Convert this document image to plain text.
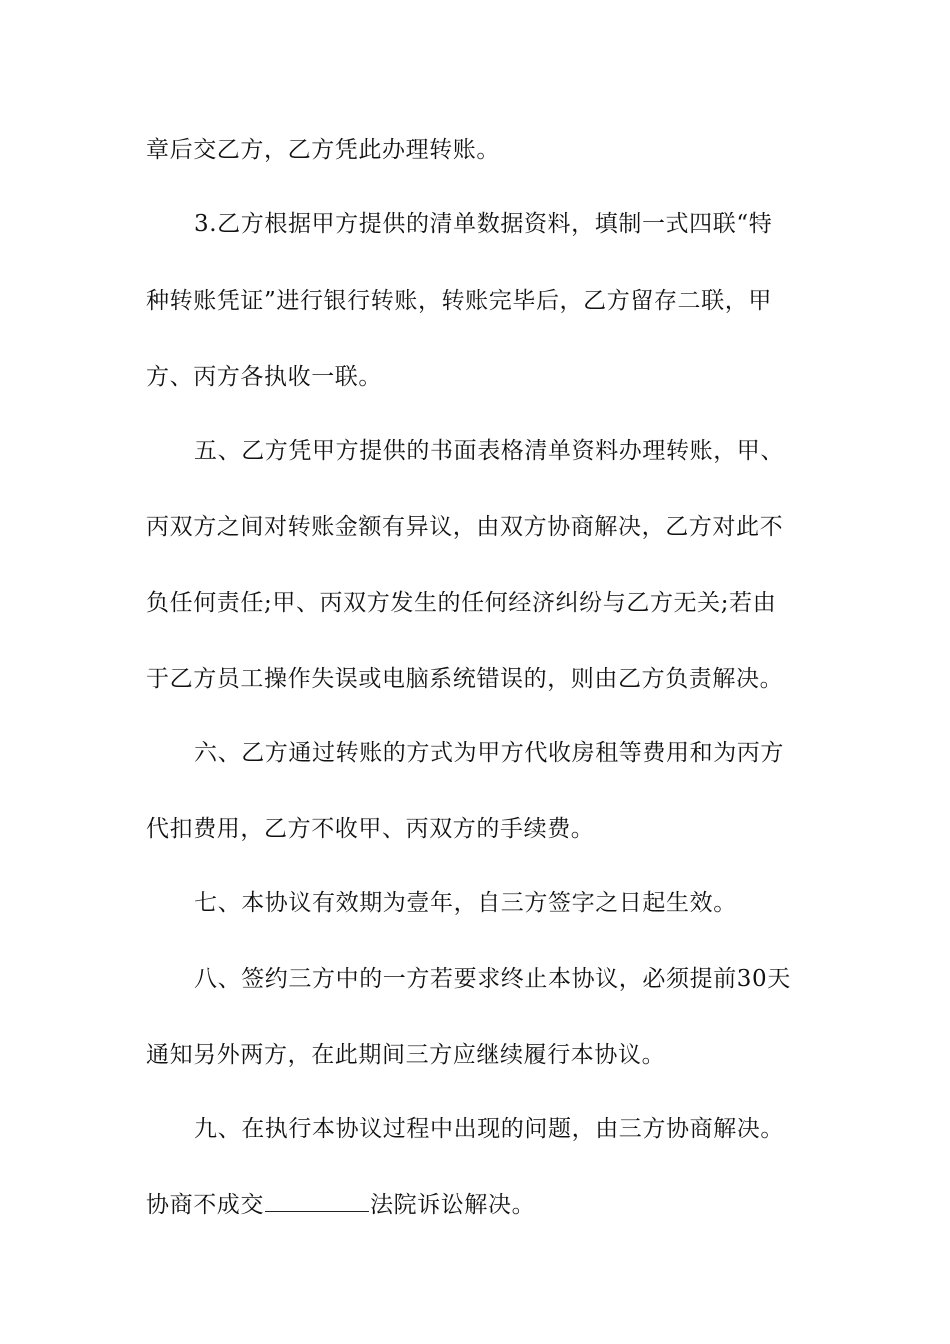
章后交乙方，乙方凭此办理转账。
3.乙方根据甲方提供的清单数据资料，填制一式四联“特
种转账凭证”进行银行转账，转账完毕后，乙方留存二联，甲
方、丙方各执收一联。
五、乙方凭甲方提供的书面表格清单资料办理转账，甲、
丙双方之间对转账金额有异议，由双方协商解决，乙方对此不
负任何责任;甲、丙双方发生的任何经济纠纷与乙方无关;若由
于乙方员工操作失误或电脑系统错误的，则由乙方负责解决。
六、乙方通过转账的方式为甲方代收房租等费用和为丙方
代扣费用，乙方不收甲、丙双方的手续费。
七、本协议有效期为壹年，自三方签字之日起生效。
八、签约三方中的一方若要求终止本协议，必须提前30天
通知另外两方，在此期间三方应继续履行本协议。
九、在执行本协议过程中出现的问题，由三方协商解决。
协商不成交	法院诉讼解决。
